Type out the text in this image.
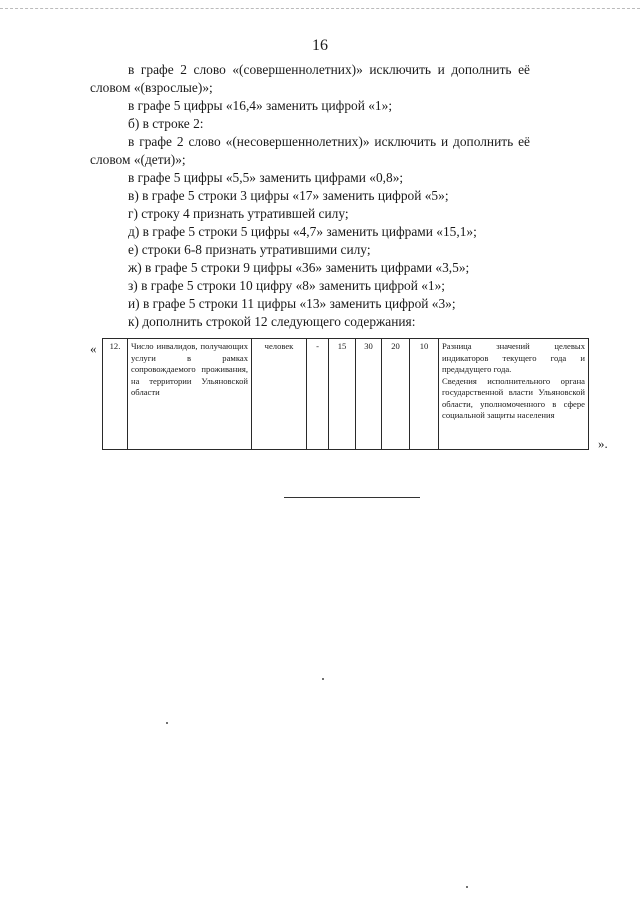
16

в графе 2 слово «(совершеннолетних)» исключить и дополнить её словом «(взрослые)»;

в графе 5 цифры «16,4» заменить цифрой «1»;

б) в строке 2:

в графе 2 слово «(несовершеннолетних)» исключить и дополнить её словом «(дети)»;

в графе 5 цифры «5,5» заменить цифрами «0,8»;

в) в графе 5 строки 3 цифры «17» заменить цифрой «5»;

г) строку 4 признать утратившей силу;

д) в графе 5 строки 5 цифры «4,7» заменить цифрами «15,1»;

е) строки 6-8 признать утратившими силу;

ж) в графе 5 строки 9 цифры «36» заменить цифрами «3,5»;

з) в графе 5 строки 10 цифру «8» заменить цифрой «1»;

и) в графе 5 строки 11 цифры «13» заменить цифрой «3»;

к) дополнить строкой 12 следующего содержания:

« 12.	Число инвалидов, получающих услуги в рамках сопровождаемого проживания, на территории Ульяновской области	человек	-	15	30	20	10	Разница значений целевых индикаторов текущего года и предыдущего года.
Сведения исполнительного органа государственной власти Ульяновской области, уполномоченного в сфере социальной защиты населения
».
